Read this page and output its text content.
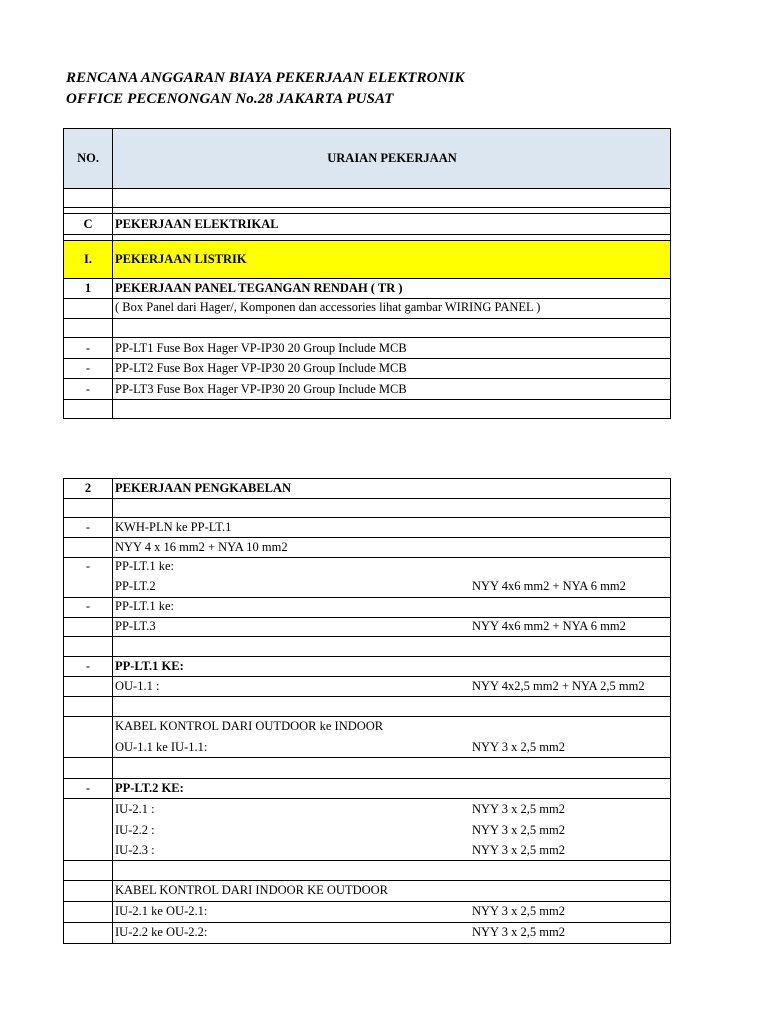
RENCANA ANGGARAN BIAYA PEKERJAAN ELEKTRONIK
OFFICE PECENONGAN No.28 JAKARTA PUSAT
NO.	URAIAN PEKERJAAN
C	PEKERJAAN ELEKTRIKAL
I.	PEKERJAAN LISTRIK
1	PEKERJAAN PANEL TEGANGAN RENDAH ( TR )
( Box Panel dari Hager/, Komponen dan accessories lihat gambar WIRING PANEL )
-	PP-LT1 Fuse Box Hager VP-IP30 20 Group Include MCB
-	PP-LT2 Fuse Box Hager VP-IP30 20 Group Include MCB
-	PP-LT3 Fuse Box Hager VP-IP30 20 Group Include MCB
2	PEKERJAAN PENGKABELAN
-	KWH-PLN ke PP-LT.1
NYY 4 x 16 mm2 + NYA 10 mm2
-	PP-LT.1 ke:
PP-LT.2	NYY 4x6 mm2 + NYA 6 mm2
-	PP-LT.1 ke:
PP-LT.3	NYY 4x6 mm2 + NYA 6 mm2
-	PP-LT.1 KE:
OU-1.1 :	NYY 4x2,5 mm2 + NYA 2,5 mm2
KABEL KONTROL DARI OUTDOOR ke INDOOR
OU-1.1 ke IU-1.1:	NYY 3 x 2,5 mm2
-	PP-LT.2 KE:
IU-2.1 :	NYY 3 x 2,5 mm2
IU-2.2 :	NYY 3 x 2,5 mm2
IU-2.3 :	NYY 3 x 2,5 mm2
KABEL KONTROL DARI INDOOR KE OUTDOOR
IU-2.1 ke OU-2.1:	NYY 3 x 2,5 mm2
IU-2.2 ke OU-2.2:	NYY 3 x 2,5 mm2
